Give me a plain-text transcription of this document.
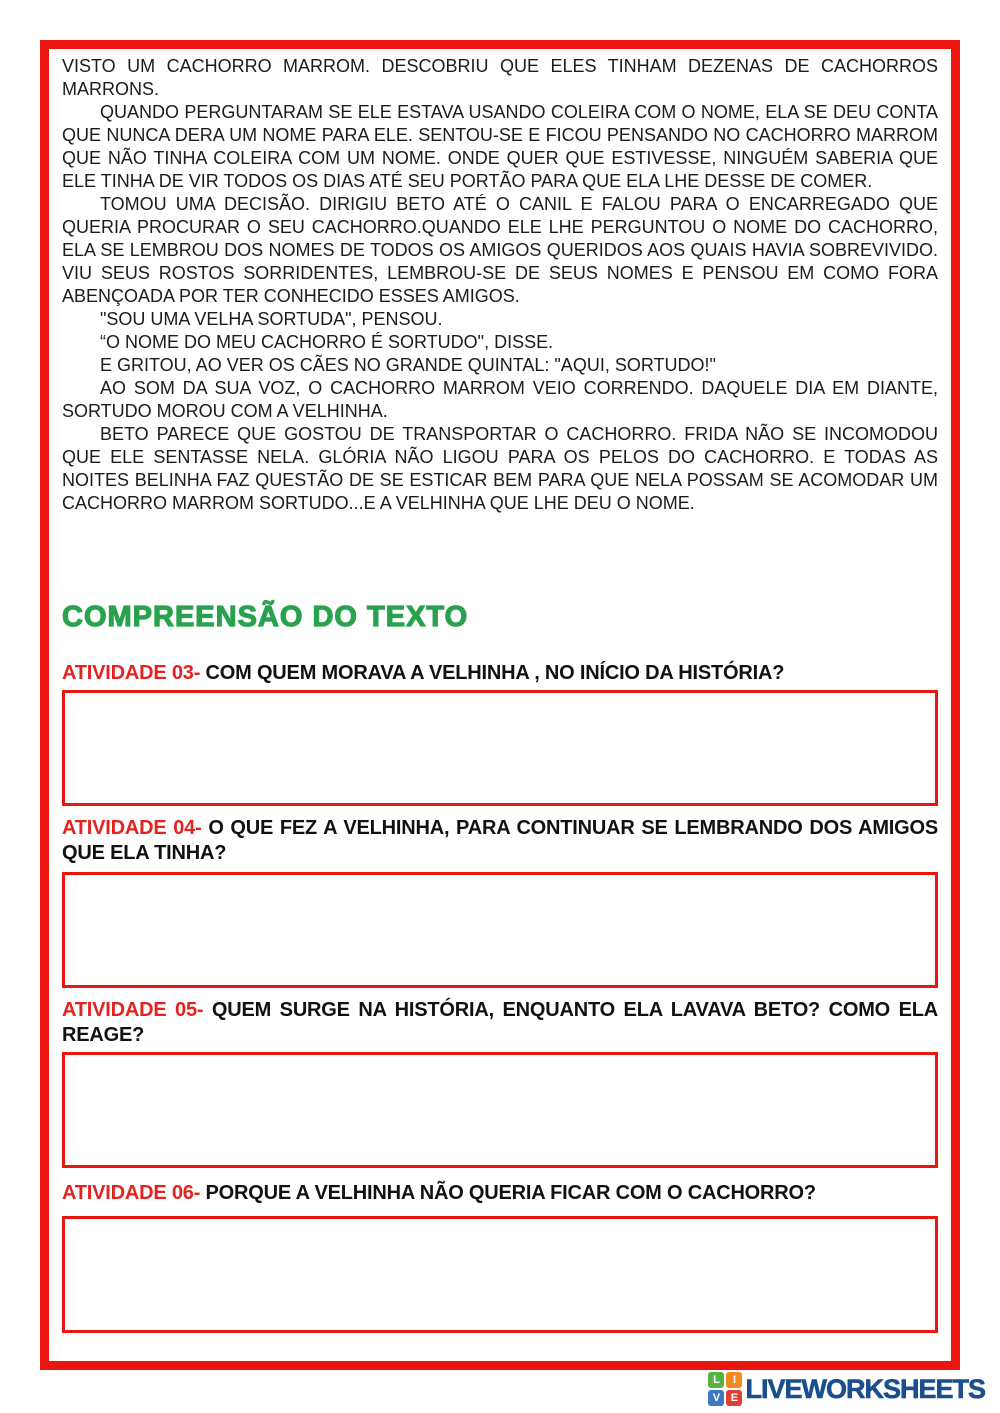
VISTO UM CACHORRO MARROM. DESCOBRIU QUE ELES TINHAM DEZENAS DE CACHORROS MARRONS.

QUANDO PERGUNTARAM SE ELE ESTAVA USANDO COLEIRA COM O NOME, ELA SE DEU CONTA QUE NUNCA DERA UM NOME PARA ELE. SENTOU-SE E FICOU PENSANDO NO CACHORRO MARROM QUE NÃO TINHA COLEIRA COM UM NOME. ONDE QUER QUE ESTIVESSE, NINGUÉM SABERIA QUE ELE TINHA DE VIR TODOS OS DIAS ATÉ SEU PORTÃO PARA QUE ELA LHE DESSE DE COMER.

TOMOU UMA DECISÃO. DIRIGIU BETO ATÉ O CANIL E FALOU PARA O ENCARREGADO QUE QUERIA PROCURAR O SEU CACHORRO.QUANDO ELE LHE PERGUNTOU O NOME DO CACHORRO, ELA SE LEMBROU DOS NOMES DE TODOS OS AMIGOS QUERIDOS AOS QUAIS HAVIA SOBREVIVIDO. VIU SEUS ROSTOS SORRIDENTES, LEMBROU-SE DE SEUS NOMES E PENSOU EM COMO FORA ABENÇOADA POR TER CONHECIDO ESSES AMIGOS.

"SOU UMA VELHA SORTUDA", PENSOU.

“O NOME DO MEU CACHORRO É SORTUDO", DISSE.

E GRITOU, AO VER OS CÃES NO GRANDE QUINTAL: "AQUI, SORTUDO!"

AO SOM DA SUA VOZ, O CACHORRO MARROM VEIO CORRENDO. DAQUELE DIA EM DIANTE, SORTUDO MOROU COM A VELHINHA.

BETO PARECE QUE GOSTOU DE TRANSPORTAR O CACHORRO. FRIDA NÃO SE INCOMODOU QUE ELE SENTASSE NELA. GLÓRIA NÃO LIGOU PARA OS PELOS DO CACHORRO. E TODAS AS NOITES BELINHA FAZ QUESTÃO DE SE ESTICAR BEM PARA QUE NELA POSSAM SE ACOMODAR UM CACHORRO MARROM SORTUDO...E A VELHINHA QUE LHE DEU O NOME.

COMPREENSÃO DO TEXTO

ATIVIDADE 03- COM QUEM MORAVA A VELHINHA , NO INÍCIO DA HISTÓRIA?

ATIVIDADE 04- O QUE FEZ A VELHINHA, PARA CONTINUAR SE LEMBRANDO DOS AMIGOS QUE ELA TINHA?

ATIVIDADE 05- QUEM SURGE NA HISTÓRIA, ENQUANTO ELA LAVAVA BETO? COMO ELA REAGE?

ATIVIDADE 06- PORQUE A VELHINHA NÃO QUERIA FICAR COM O CACHORRO?

L	I
V E LIVEWORKSHEETS
